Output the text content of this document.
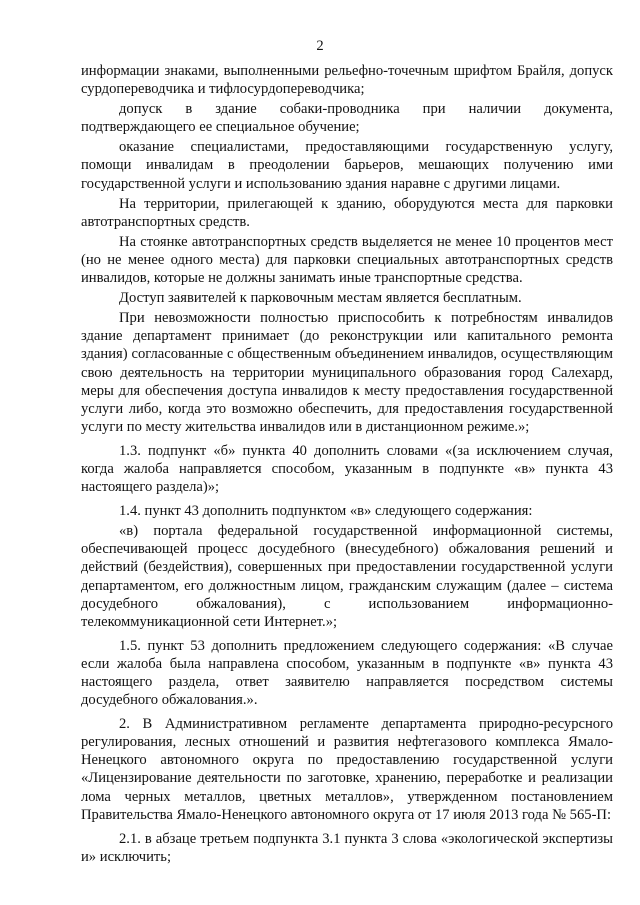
2

информации знаками, выполненными рельефно-точечным шрифтом Брайля, допуск сурдопереводчика и тифлосурдопереводчика;

допуск в здание собаки-проводника при наличии документа, подтверждающего ее специальное обучение;

оказание специалистами, предоставляющими государственную услугу, помощи инвалидам в преодолении барьеров, мешающих получению ими государственной услуги и использованию здания наравне с другими лицами.

На территории, прилегающей к зданию, оборудуются места для парковки автотранспортных средств.

На стоянке автотранспортных средств выделяется не менее 10 процентов мест (но не менее одного места) для парковки специальных автотранспортных средств инвалидов, которые не должны занимать иные транспортные средства.

Доступ заявителей к парковочным местам является бесплатным.

При невозможности полностью приспособить к потребностям инвалидов здание департамент принимает (до реконструкции или капитального ремонта здания) согласованные с общественным объединением инвалидов, осуществляющим свою деятельность на территории муниципального образования город Салехард, меры для обеспечения доступа инвалидов к месту предоставления государственной услуги либо, когда это возможно обеспечить, для предоставления государственной услуги по месту жительства инвалидов или в дистанционном режиме.»;

1.3. подпункт «б» пункта 40 дополнить словами «(за исключением случая, когда жалоба направляется способом, указанным в подпункте «в» пункта 43 настоящего раздела)»;

1.4. пункт 43 дополнить подпунктом «в» следующего содержания:

«в) портала федеральной государственной информационной системы, обеспечивающей процесс досудебного (внесудебного) обжалования решений и действий (бездействия), совершенных при предоставлении государственной услуги департаментом, его должностным лицом, гражданским служащим (далее – система досудебного обжалования), с использованием информационно-телекоммуникационной сети Интернет.»;

1.5. пункт 53 дополнить предложением следующего содержания: «В случае если жалоба была направлена способом, указанным в подпункте «в» пункта 43 настоящего раздела, ответ заявителю направляется посредством системы досудебного обжалования.».

2. В Административном регламенте департамента природно-ресурсного регулирования, лесных отношений и развития нефтегазового комплекса Ямало-Ненецкого автономного округа по предоставлению государственной услуги «Лицензирование деятельности по заготовке, хранению, переработке и реализации лома черных металлов, цветных металлов», утвержденном постановлением Правительства Ямало-Ненецкого автономного округа от 17 июля 2013 года № 565-П:

2.1. в абзаце третьем подпункта 3.1 пункта 3 слова «экологической экспертизы и» исключить;
